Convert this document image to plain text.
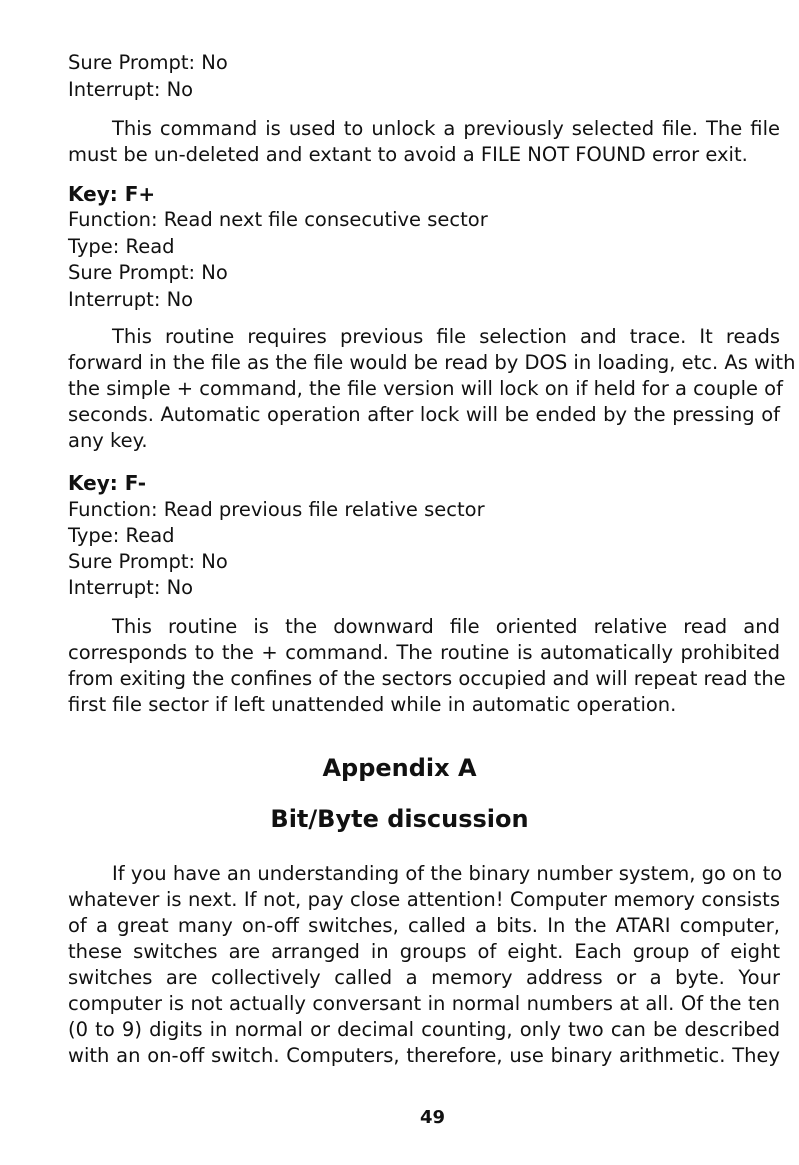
Sure Prompt: No
Interrupt: No
This command is used to unlock a previously selected file. The file
must be un-deleted and extant to avoid a FILE NOT FOUND error exit.
Key: F+
Function: Read next file consecutive sector
Type: Read
Sure Prompt: No
Interrupt: No
This routine requires previous file selection and trace. It reads
forward in the file as the file would be read by DOS in loading, etc. As with
the simple + command, the file version will lock on if held for a couple of
seconds. Automatic operation after lock will be ended by the pressing of
any key.
Key: F-
Function: Read previous file relative sector
Type: Read
Sure Prompt: No
Interrupt: No
This routine is the downward file oriented relative read and
corresponds to the + command. The routine is automatically prohibited
from exiting the confines of the sectors occupied and will repeat read the
first file sector if left unattended while in automatic operation.
Appendix A
Bit/Byte discussion
If you have an understanding of the binary number system, go on to
whatever is next. If not, pay close attention! Computer memory consists
of a great many on-off switches, called a bits. In the ATARI computer,
these switches are arranged in groups of eight. Each group of eight
switches are collectively called a memory address or a byte. Your
computer is not actually conversant in normal numbers at all. Of the ten
(0 to 9) digits in normal or decimal counting, only two can be described
with an on-off switch. Computers, therefore, use binary arithmetic. They
49
